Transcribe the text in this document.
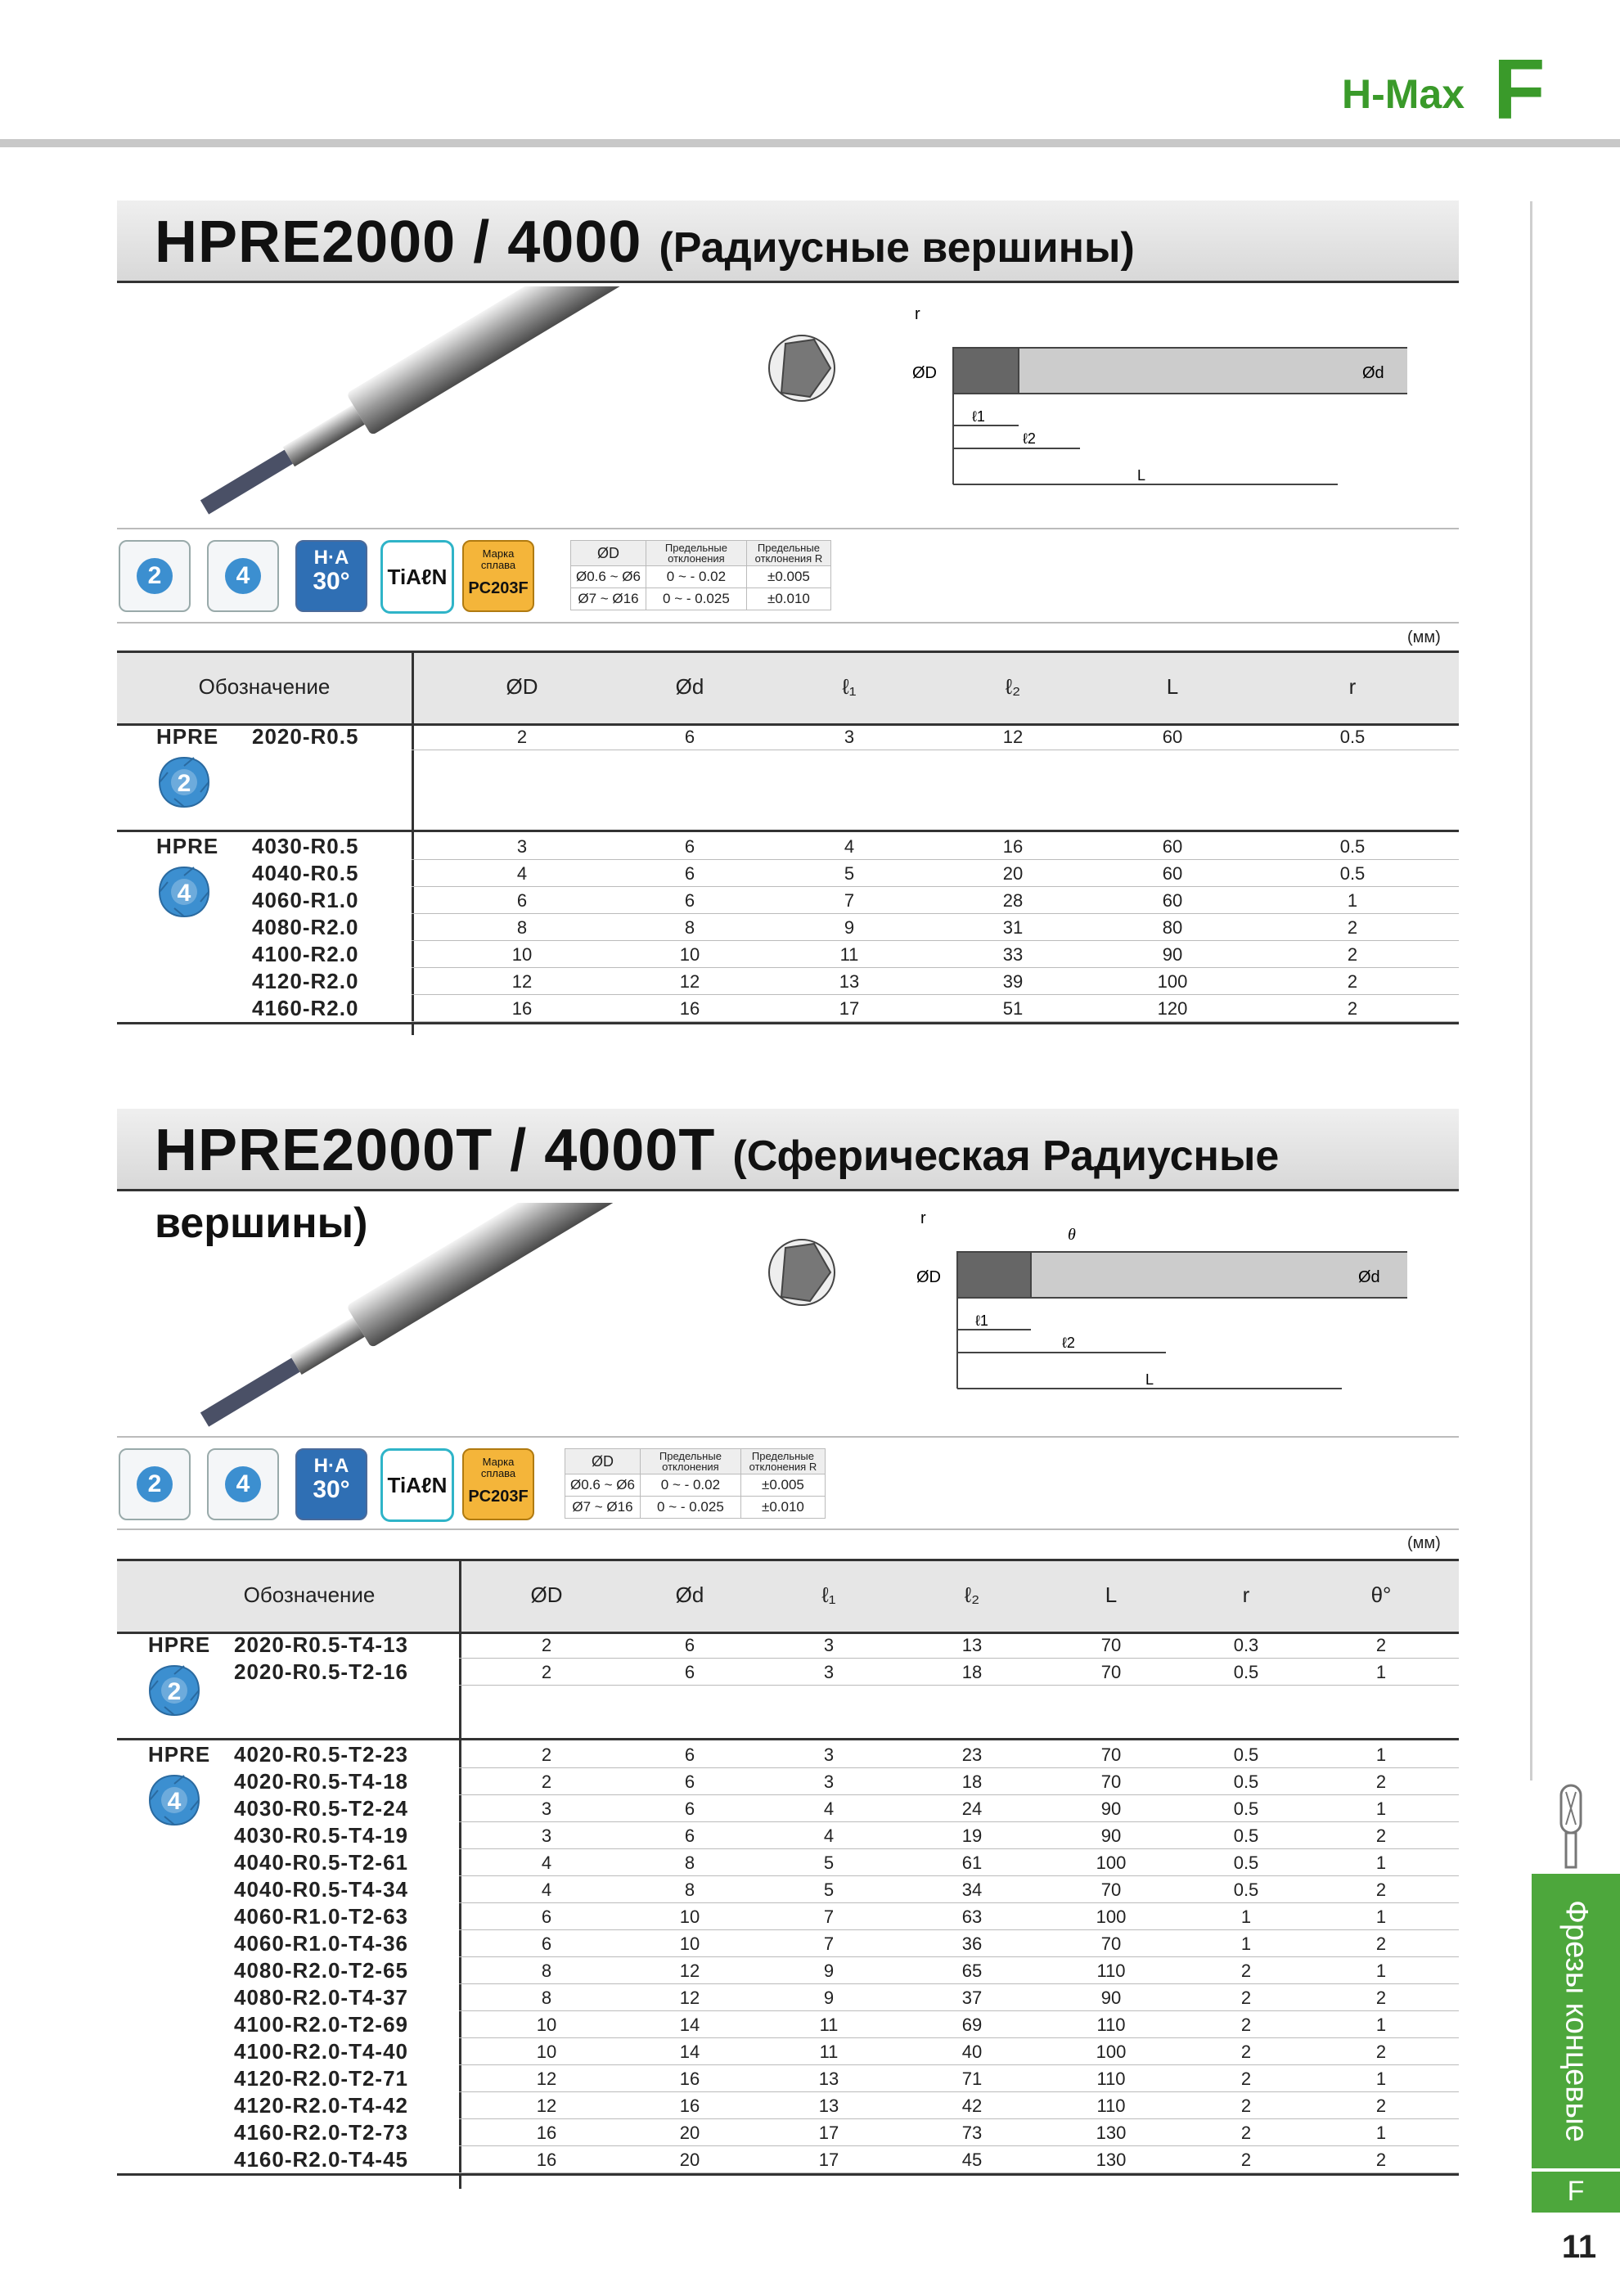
H-Max F
Фрезы концевые
F
11
HPRE2000 / 4000 (Радиусные вершины)
ØD	Ød
r
ℓ1
ℓ2
L
2	4
H·A
30°	TiAℓN
Марка сплава
PC203F
ØD	Предельные отклонения	Предельные отклонения R
Ø0.6 ~ Ø6	0 ~ - 0.02	±0.005
Ø7 ~ Ø16	0 ~ - 0.025	±0.010
(мм)
Обозначение	ØD	Ød	ℓ₁	ℓ₂	L	r
HPRE 2020-R0.5	2	6	3	12	60	0.5
2
HPRE 4030-R0.5	3	6	4	16	60	0.5
4040-R0.5	4	6	5	20	60	0.5
4060-R1.0	6	6	7	28	60	1
4080-R2.0	8	8	9	31	80	2
4100-R2.0	10	10	11	33	90	2
4120-R2.0	12	12	13	39	100	2
4160-R2.0	16	16	17	51	120	2
4
HPRE2000T / 4000T (Сферическая Радиусные вершины)
ØD	Ød
r
θ
ℓ1
ℓ2
L
2	4
H·A
30°	TiAℓN
Марка сплава
PC203F
ØD	Предельные отклонения	Предельные отклонения R
Ø0.6 ~ Ø6	0 ~ - 0.02	±0.005
Ø7 ~ Ø16	0 ~ - 0.025	±0.010
(мм)
Обозначение	ØD	Ød	ℓ₁	ℓ₂	L	r	θ°
HPRE 2020-R0.5-T4-13	2	6	3	13	70	0.3	2
2020-R0.5-T2-16	2	6	3	18	70	0.5	1
2
HPRE 4020-R0.5-T2-23	2	6	3	23	70	0.5	1
4020-R0.5-T4-18	2	6	3	18	70	0.5	2
4030-R0.5-T2-24	3	6	4	24	90	0.5	1
4030-R0.5-T4-19	3	6	4	19	90	0.5	2
4040-R0.5-T2-61	4	8	5	61	100	0.5	1
4040-R0.5-T4-34	4	8	5	34	70	0.5	2
4060-R1.0-T2-63	6	10	7	63	100	1	1
4060-R1.0-T4-36	6	10	7	36	70	1	2
4080-R2.0-T2-65	8	12	9	65	110	2	1
4080-R2.0-T4-37	8	12	9	37	90	2	2
4100-R2.0-T2-69	10	14	11	69	110	2	1
4100-R2.0-T4-40	10	14	11	40	100	2	2
4120-R2.0-T2-71	12	16	13	71	110	2	1
4120-R2.0-T4-42	12	16	13	42	110	2	2
4160-R2.0-T2-73	16	20	17	73	130	2	1
4160-R2.0-T4-45	16	20	17	45	130	2	2
4
